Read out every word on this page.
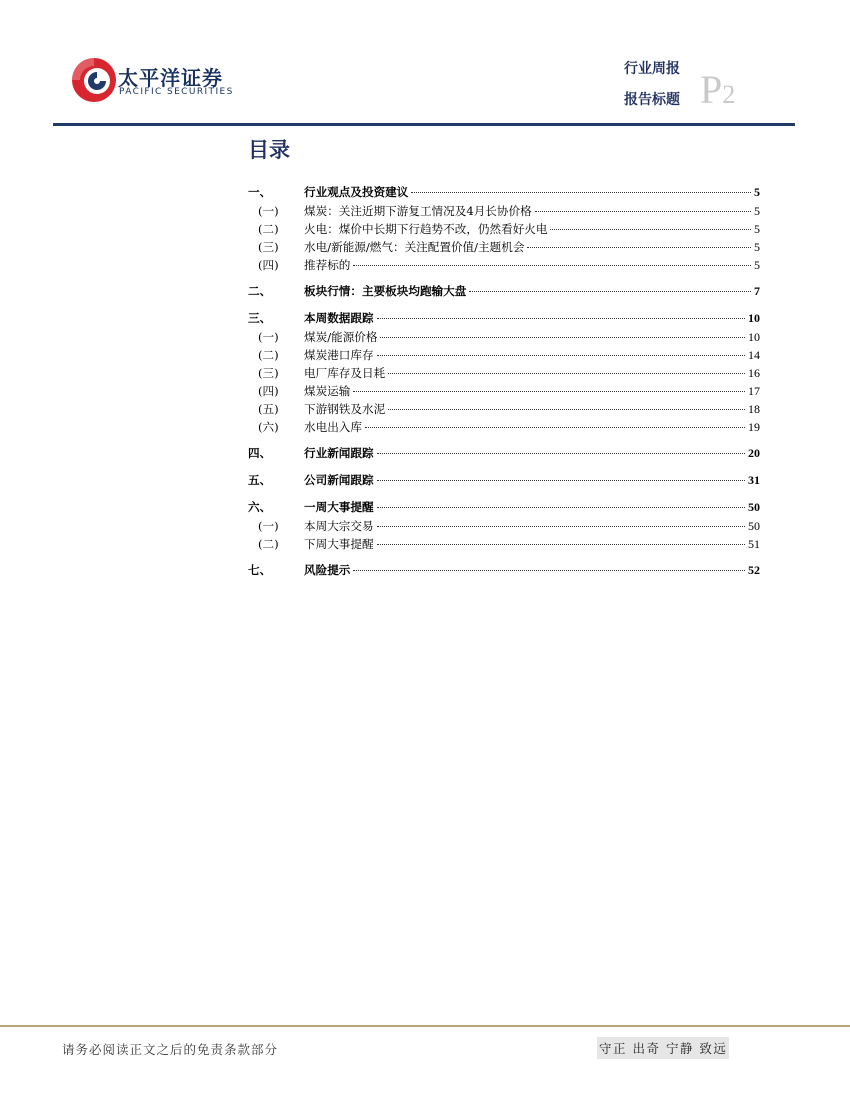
太平洋证券
PACIFIC SECURITIES
行业周报
报告标题 P2
目录
一、	行业观点及投资建议	5
(一)	煤炭：关注近期下游复工情况及4月长协价格	5
(二)	火电：煤价中长期下行趋势不改，仍然看好火电	5
(三)	水电/新能源/燃气：关注配置价值/主题机会	5
(四)	推荐标的	5
二、	板块行情：主要板块均跑输大盘	7
三、	本周数据跟踪	10
(一)	煤炭/能源价格	10
(二)	煤炭港口库存	14
(三)	电厂库存及日耗	16
(四)	煤炭运输	17
(五)	下游钢铁及水泥	18
(六)	水电出入库	19
四、	行业新闻跟踪	20
五、	公司新闻跟踪	31
六、	一周大事提醒	50
(一)	本周大宗交易	50
(二)	下周大事提醒	51
七、	风险提示	52
请务必阅读正文之后的免责条款部分	守正 出奇 宁静 致远
